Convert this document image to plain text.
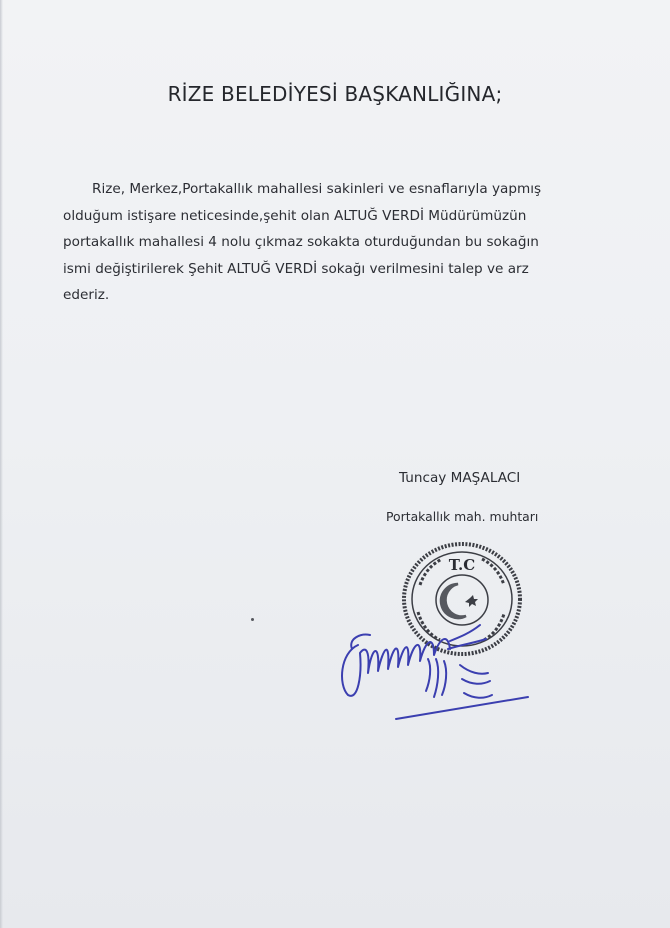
RİZE BELEDİYESİ BAŞKANLIĞINA;
Rize, Merkez,Portakallık mahallesi sakinleri ve esnaflarıyla yapmış
olduğum istişare neticesinde,şehit olan ALTUĞ VERDİ Müdürümüzün
portakallık mahallesi 4 nolu çıkmaz sokakta oturduğundan bu sokağın
ismi değiştirilerek Şehit ALTUĞ VERDİ sokağı verilmesini talep ve arz
ederiz.
Tuncay MAŞALACI
Portakallık mah. muhtarı
T.C
